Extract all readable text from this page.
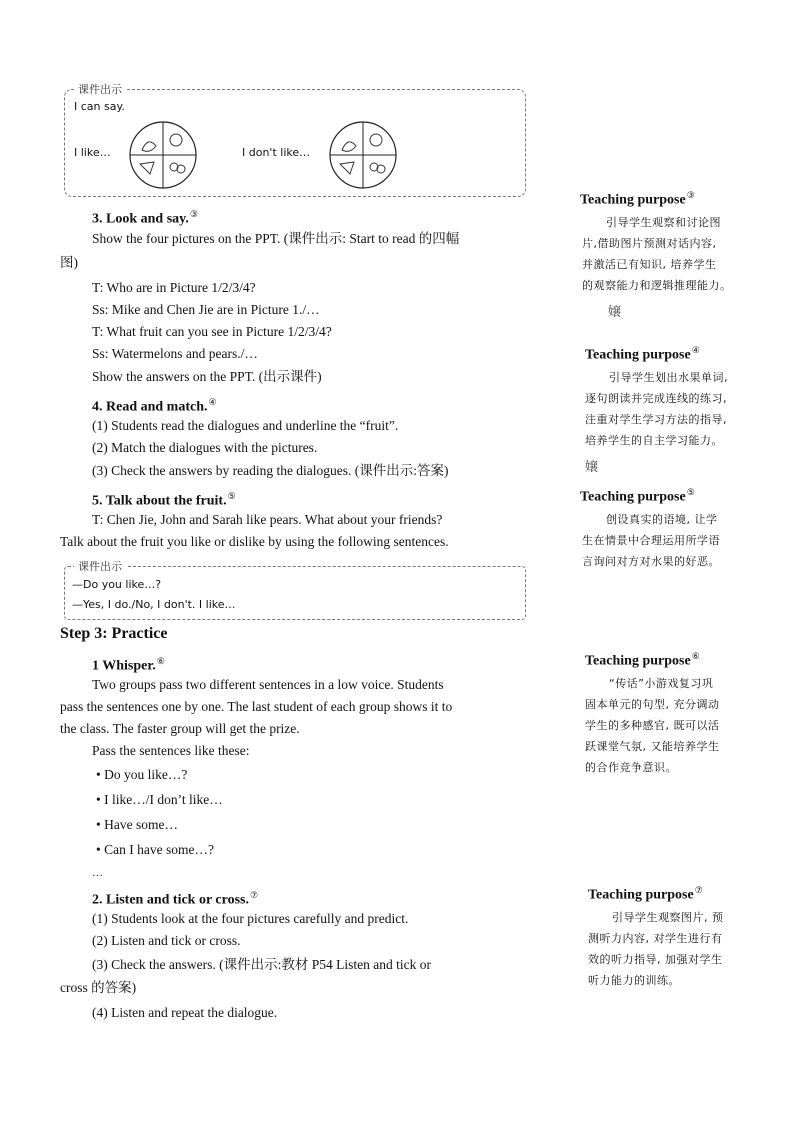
课件出示
I can say.
I like…	I don't like…
3. Look and say.③
Show the four pictures on the PPT. (课件出示: Start to read 的四幅
图)
T: Who are in Picture 1/2/3/4?
Ss: Mike and Chen Jie are in Picture 1./…
T: What fruit can you see in Picture 1/2/3/4?
Ss: Watermelons and pears./…
Show the answers on the PPT. (出示课件)
4. Read and match.④
(1) Students read the dialogues and underline the “fruit”.
(2) Match the dialogues with the pictures.
(3) Check the answers by reading the dialogues. (课件出示:答案)
5. Talk about the fruit.⑤
T: Chen Jie, John and Sarah like pears. What about your friends?
Talk about the fruit you like or dislike by using the following sentences.
课件出示
—Do you like…?
—Yes, I do./No, I don't. I like…
Step 3: Practice
1 Whisper.⑥
Two groups pass two different sentences in a low voice. Students
pass the sentences one by one. The last student of each group shows it to
the class. The faster group will get the prize.
Pass the sentences like these:
• Do you like…?
• I like…/I don’t like…
• Have some…
• Can I have some…?
…
2. Listen and tick or cross.⑦
(1) Students look at the four pictures carefully and predict.
(2) Listen and tick or cross.
(3) Check the answers. (课件出示:教材 P54 Listen and tick or
cross 的答案)
(4) Listen and repeat the dialogue.
Teaching purpose③
引导学生观察和讨论图
片,借助图片预测对话内容,
并激活已有知识, 培养学生
的观察能力和逻辑推理能力。
嬢
Teaching purpose④
引导学生划出水果单词,
逐句朗读并完成连线的练习,
注重对学生学习方法的指导,
培养学生的自主学习能力。
嬢
Teaching purpose⑤
创设真实的语境, 让学
生在情景中合理运用所学语
言询问对方对水果的好恶。
Teaching purpose⑥
“传话”小游戏复习巩
固本单元的句型, 充分调动
学生的多种感官, 既可以活
跃课堂气氛, 又能培养学生
的合作竞争意识。
Teaching purpose⑦
引导学生观察图片, 预
测听力内容, 对学生进行有
效的听力指导, 加强对学生
听力能力的训练。
